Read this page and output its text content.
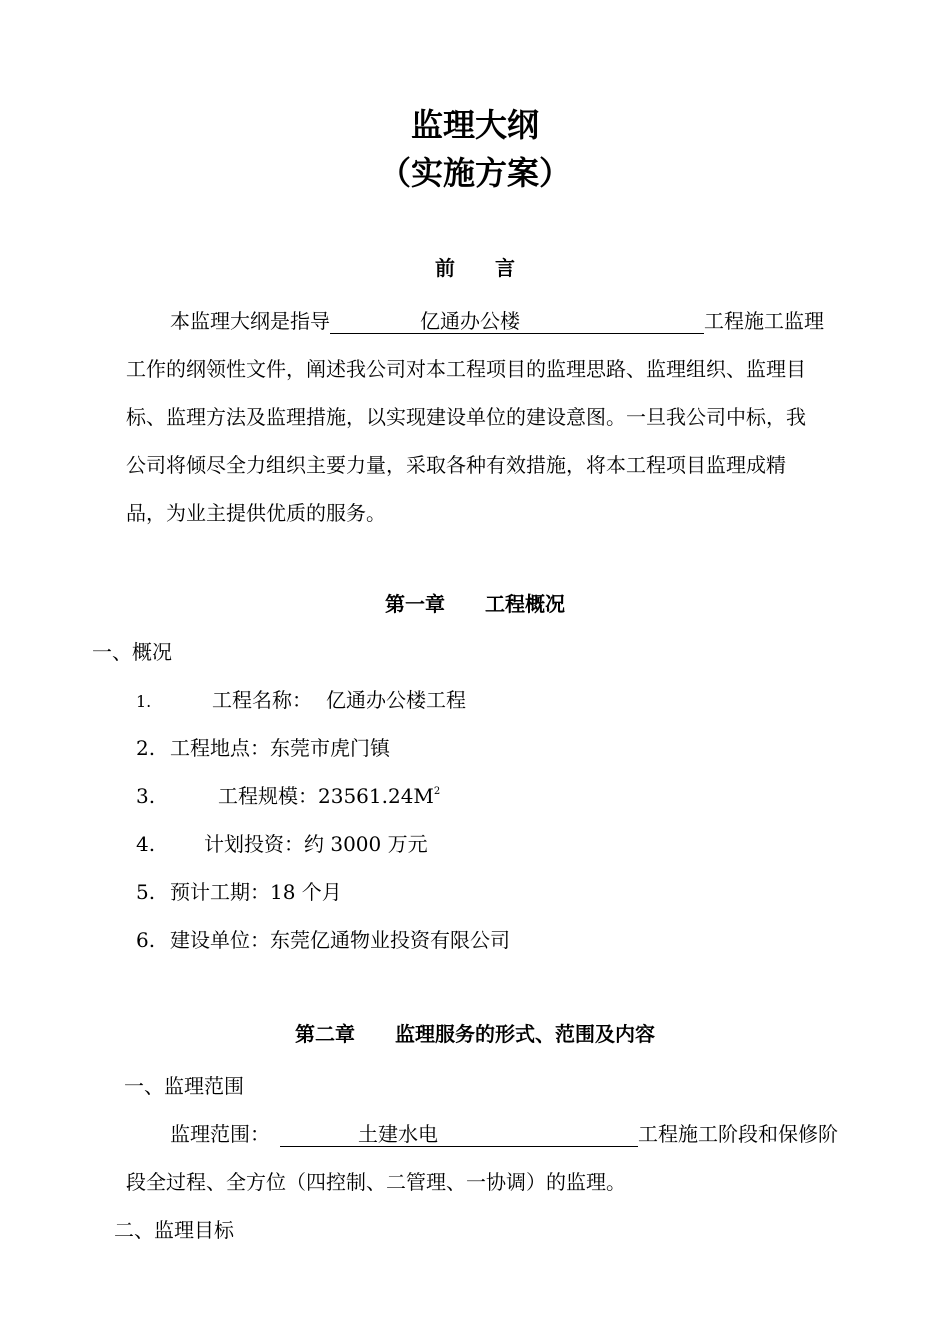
监理大纲
（实施方案）
前　　言
本监理大纲是指导	亿通办公楼	工程施工监理
工作的纲领性文件，阐述我公司对本工程项目的监理思路、监理组织、监理目
标、监理方法及监理措施，以实现建设单位的建设意图。一旦我公司中标，我
公司将倾尽全力组织主要力量，采取各种有效措施，将本工程项目监理成精
品，为业主提供优质的服务。
第一章　　工程概况
一、概况
1.	工程名称： 亿通办公楼工程
2. 工程地点：东莞市虎门镇
3.	工程规模：$23561.24M^2$
4. 计划投资：约 3000 万元
5. 预计工期：18 个月
6. 建设单位：东莞亿通物业投资有限公司
第二章　　监理服务的形式、范围及内容
一、监理范围
监理范围：	土建水电	工程施工阶段和保修阶
段全过程、全方位（四控制、二管理、一协调）的监理。
二、监理目标
